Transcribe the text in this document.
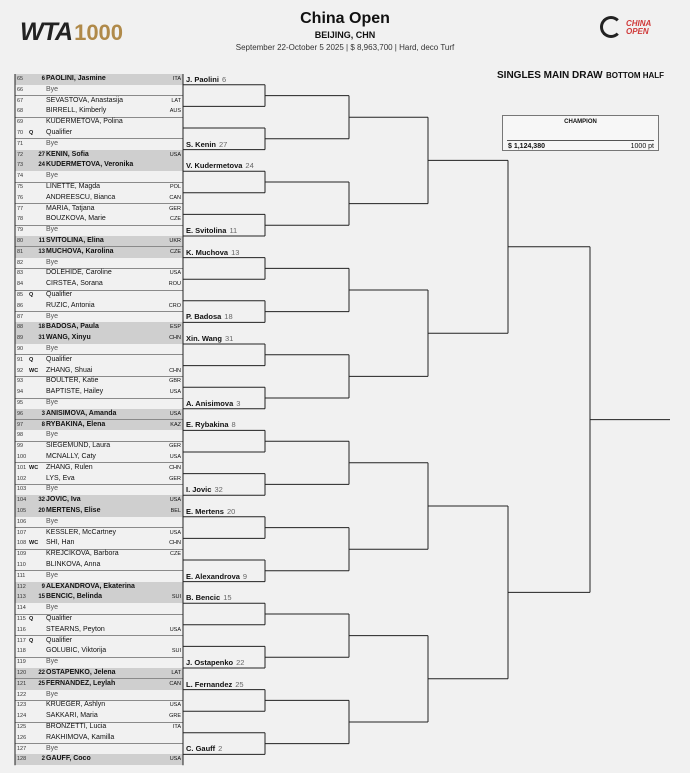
WTA 1000
China Open
BEIJING, CHN
September 22-October 5 2025 | $ 8,963,700 | Hard, deco Turf
CHINA OPEN
SINGLES MAIN DRAW BOTTOM HALF
CHAMPION
$ 1,124,380	1000 pt
65	6 PAOLINI, Jasmine	ITA
66	Bye
67	SEVASTOVA, Anastasija	LAT
68	BIRRELL, Kimberly	AUS
69	KUDERMETOVA, Polina
70 Q Qualifier
71	Bye
72	27 KENIN, Sofia	USA
73	24 KUDERMETOVA, Veronika
74	Bye
75	LINETTE, Magda	POL
76	ANDREESCU, Bianca	CAN
77	MARIA, Tatjana	GER
78	BOUZKOVA, Marie	CZE
79	Bye
80	11 SVITOLINA, Elina	UKR
81	13 MUCHOVA, Karolina	CZE
82	Bye
83	DOLEHIDE, Caroline	USA
84	CIRSTEA, Sorana	ROU
85 Q Qualifier
86	RUZIC, Antonia	CRO
87	Bye
88	18 BADOSA, Paula	ESP
89	31 WANG, Xinyu	CHN
90	Bye
91 Q Qualifier
92 WC ZHANG, Shuai	CHN
93	BOULTER, Katie	GBR
94	BAPTISTE, Hailey	USA
95	Bye
96	3 ANISIMOVA, Amanda	USA
97	8 RYBAKINA, Elena	KAZ
98	Bye
99	SIEGEMUND, Laura	GER
100	MCNALLY, Caty	USA
101 WC ZHANG, Rulen	CHN
102	LYS, Eva	GER
103	Bye
104	32 JOVIC, Iva	USA
105	20 MERTENS, Elise	BEL
106	Bye
107	KESSLER, McCartney	USA
108 WC SHI, Han	CHN
109	KREJCIKOVA, Barbora	CZE
110	BLINKOVA, Anna
111	Bye
112	9 ALEXANDROVA, Ekaterina
113	15 BENCIC, Belinda	SUI
114	Bye
115 Q Qualifier
116	STEARNS, Peyton	USA
117 Q Qualifier
118	GOLUBIC, Viktorija	SUI
119	Bye
120	22 OSTAPENKO, Jelena	LAT
121	25 FERNANDEZ, Leylah	CAN
122	Bye
123	KRUEGER, Ashlyn	USA
124	SAKKARI, Maria	GRE
125	BRONZETTI, Lucia	ITA
126	RAKHIMOVA, Kamilla
127	Bye
128	2 GAUFF, Coco	USA
J. Paolini 6
S. Kenin 27
V. Kudermetova 24
E. Svitolina 11
K. Muchova 13
P. Badosa 18
Xin. Wang 31
A. Anisimova 3
E. Rybakina 8
I. Jovic 32
E. Mertens 20
E. Alexandrova 9
B. Bencic 15
J. Ostapenko 22
L. Fernandez 25
C. Gauff 2
